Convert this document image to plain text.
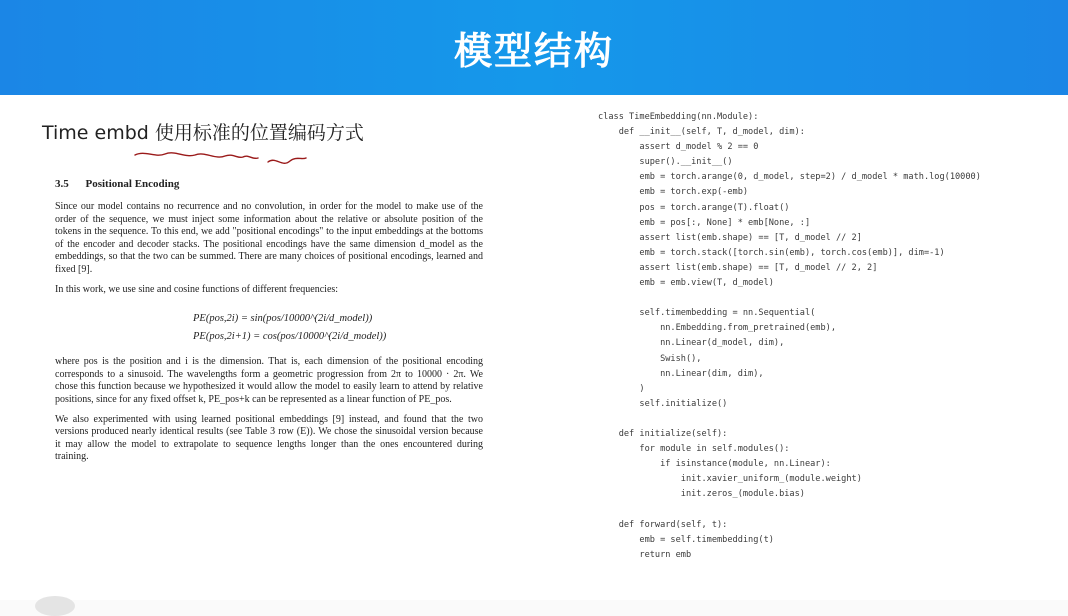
模型结构
Time embd 使用标准的位置编码方式
3.5 Positional Encoding

Since our model contains no recurrence and no convolution, in order for the model to make use of the order of the sequence, we must inject some information about the relative or absolute position of the tokens in the sequence. To this end, we add "positional encodings" to the input embeddings at the bottoms of the encoder and decoder stacks. The positional encodings have the same dimension d_model as the embeddings, so that the two can be summed. There are many choices of positional encodings, learned and fixed [9].

In this work, we use sine and cosine functions of different frequencies:

PE(pos,2i) = sin(pos/10000^(2i/d_model))
PE(pos,2i+1) = cos(pos/10000^(2i/d_model))

where pos is the position and i is the dimension. That is, each dimension of the positional encoding corresponds to a sinusoid. The wavelengths form a geometric progression from 2π to 10000 · 2π. We chose this function because we hypothesized it would allow the model to easily learn to attend by relative positions, since for any fixed offset k, PE_pos+k can be represented as a linear function of PE_pos.

We also experimented with using learned positional embeddings [9] instead, and found that the two versions produced nearly identical results (see Table 3 row (E)). We chose the sinusoidal version because it may allow the model to extrapolate to sequence lengths longer than the ones encountered during training.

class TimeEmbedding(nn.Module):
def __init__(self, T, d_model, dim):
assert d_model % 2 == 0
super().__init__()
emb = torch.arange(0, d_model, step=2) / d_model * math.log(10000)
emb = torch.exp(-emb)
pos = torch.arange(T).float()
emb = pos[:, None] * emb[None, :]
assert list(emb.shape) == [T, d_model // 2]
emb = torch.stack([torch.sin(emb), torch.cos(emb)], dim=-1)
assert list(emb.shape) == [T, d_model // 2, 2]
emb = emb.view(T, d_model)
self.timembedding = nn.Sequential(
nn.Embedding.from_pretrained(emb),
nn.Linear(d_model, dim),
Swish(),
nn.Linear(dim, dim),
)
self.initialize()
def initialize(self):
for module in self.modules():
if isinstance(module, nn.Linear):
init.xavier_uniform_(module.weight)
init.zeros_(module.bias)
def forward(self, t):
emb = self.timembedding(t)
return emb
